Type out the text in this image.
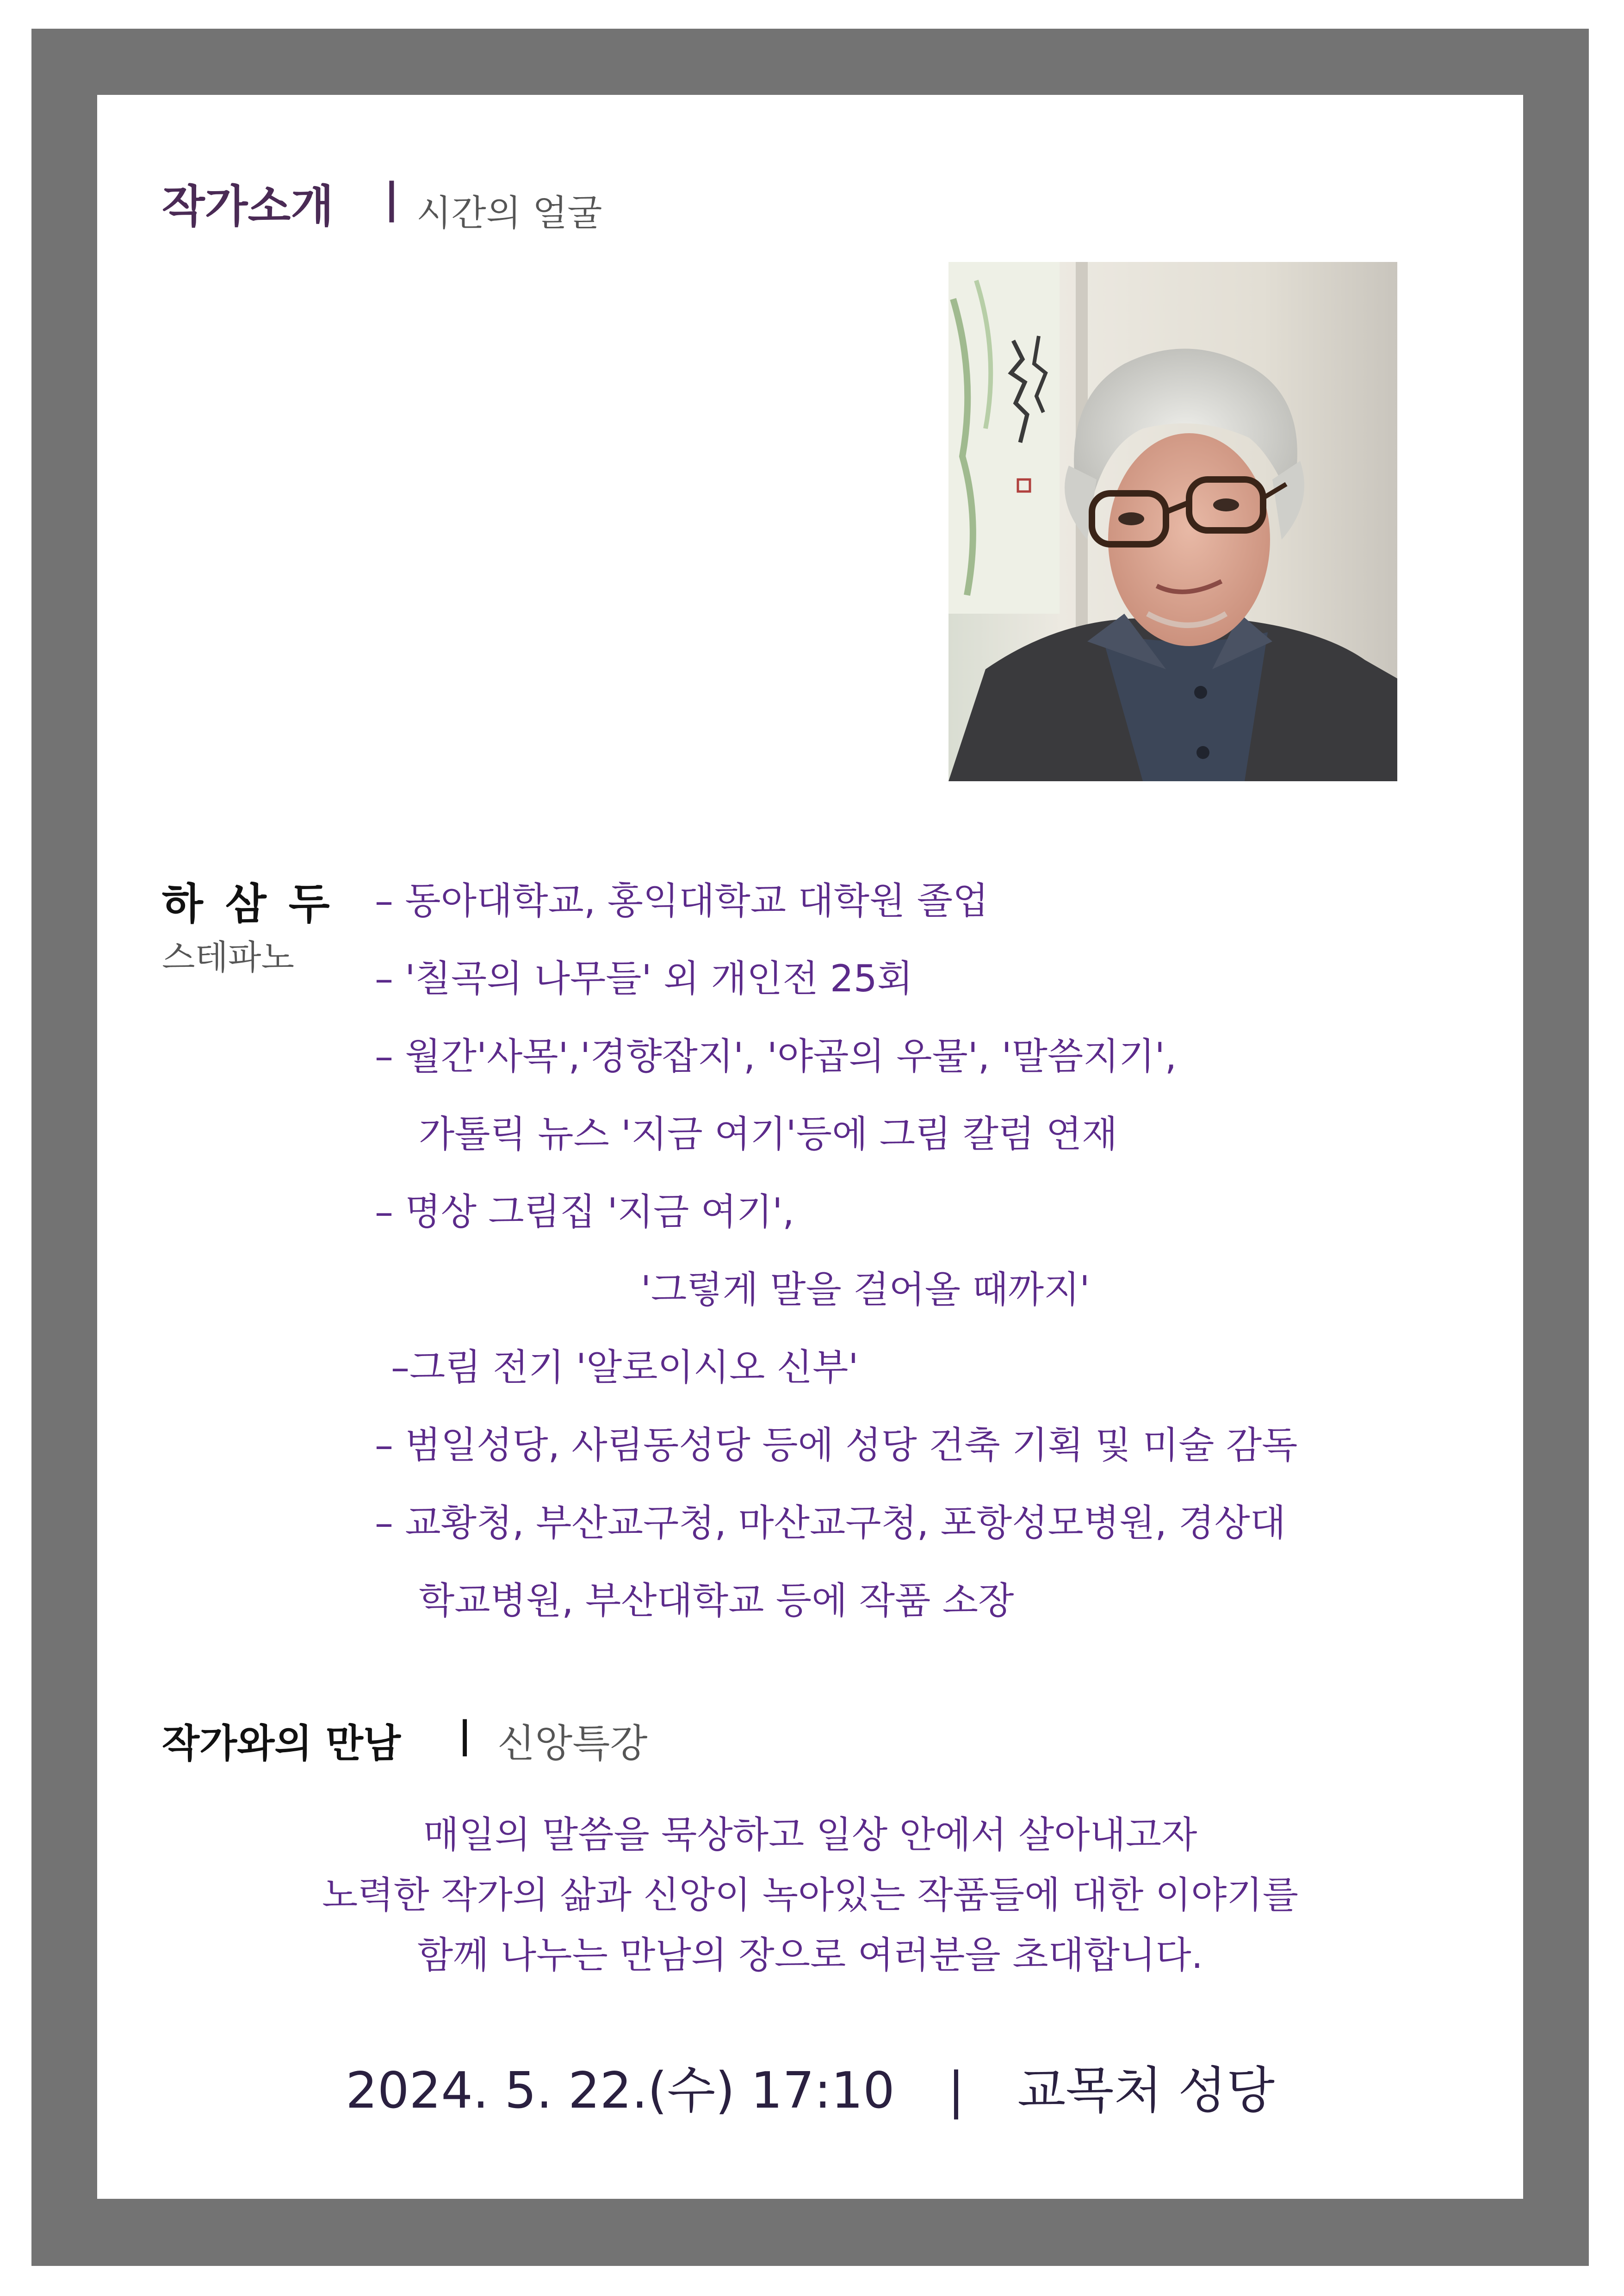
작가소개 | 시간의 얼굴
하 삼 두
스테파노
– 동아대학교, 홍익대학교 대학원 졸업
– '칠곡의 나무들' 외 개인전 25회
– 월간'사목','경향잡지', '야곱의 우물', '말씀지기',
가톨릭 뉴스 '지금 여기'등에 그림 칼럼 연재
– 명상 그림집 '지금 여기',
'그렇게 말을 걸어올 때까지'
–그림 전기 '알로이시오 신부'
– 범일성당, 사림동성당 등에 성당 건축 기획 및 미술 감독
– 교황청, 부산교구청, 마산교구청, 포항성모병원, 경상대
학교병원, 부산대학교 등에 작품 소장
작가와의 만남 | 신앙특강
매일의 말씀을 묵상하고 일상 안에서 살아내고자
노력한 작가의 삶과 신앙이 녹아있는 작품들에 대한 이야기를
함께 나누는 만남의 장으로 여러분을 초대합니다.
2024. 5. 22.(수) 17:10 | 교목처 성당
